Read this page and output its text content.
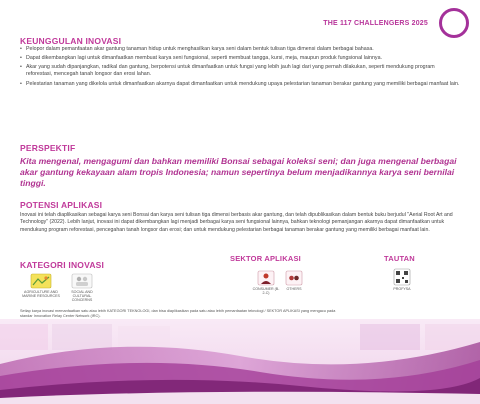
THE 117 CHALLENGERS 2025
KEUNGGULAN INOVASI
• Pelopor dalam pemanfaatan akar gantung tanaman hidup untuk menghasilkan karya seni dalam bentuk tulisan tiga dimensi dalam berbagai bahasa.
• Dapat dikembangkan lagi untuk dimanfaatkan membuat karya seni fungsional, seperti membuat tangga, kursi, meja, maupun produk fungsional lainnya.
• Akar yang sudah dipanjangkan, radikal dan gantung, berpotensi untuk dimanfaatkan untuk fungsi yang lebih jauh lagi dari yang pernah dilakukan, seperti mendukung program reforestasi, mencegah tanah longsor dan erosi lahan.
• Pelestarian tanaman yang dikelola untuk dimanfaatkan akarnya dapat dimanfaatkan untuk mendukung upaya pelestarian tanaman berakar gantung yang memiliki berbagai manfaat lain.
PERSPEKTIF
Kita mengenal, mengagumi dan bahkan memiliki Bonsai sebagai koleksi seni; dan juga mengenal berbagai akar gantung kekayaan alam tropis Indonesia; namun sepertinya belum menjadikannya karya seni bernilai tinggi.
POTENSI APLIKASI
Inovasi ini telah diaplikasikan sebagai karya seni Bonsai dan karya seni tulisan tiga dimensi berbasis akar gantung, dan telah dipublikasikan dalam bentuk buku berjudul "Aerial Root Art and Technology" (2022). Lebih lanjut, inovasi ini dapat dikembangkan lagi menjadi berbagai karya seni fungsional lainnya, bahkan teknologi pemanjangan akarnya dapat dimanfaatkan untuk mendukung program reforestasi, pencegahan tanah longsor dan erosi; dan untuk mendukung pelestarian berbagai tanaman berakar gantung yang memiliki berbagai manfaat lain.
KATEGORI INOVASI
AGRICULTURE AND MARINE RESOURCES
SOCIAL AND CULTURAL CONCERNS
SEKTOR APLIKASI
CONSUMER (B-2-C)
OTHERS
TAUTAN
PROFYSA
Setiap karya inovasi memanfaatkan satu atau lebih KATEGORI TEKNOLOGI, dan bisa diaplikasikan pada satu atau lebih pemanfaatan teknologi / SEKTOR APLIKASI yang mengacu pada standar Innovation Relay Center Network (IRC).
